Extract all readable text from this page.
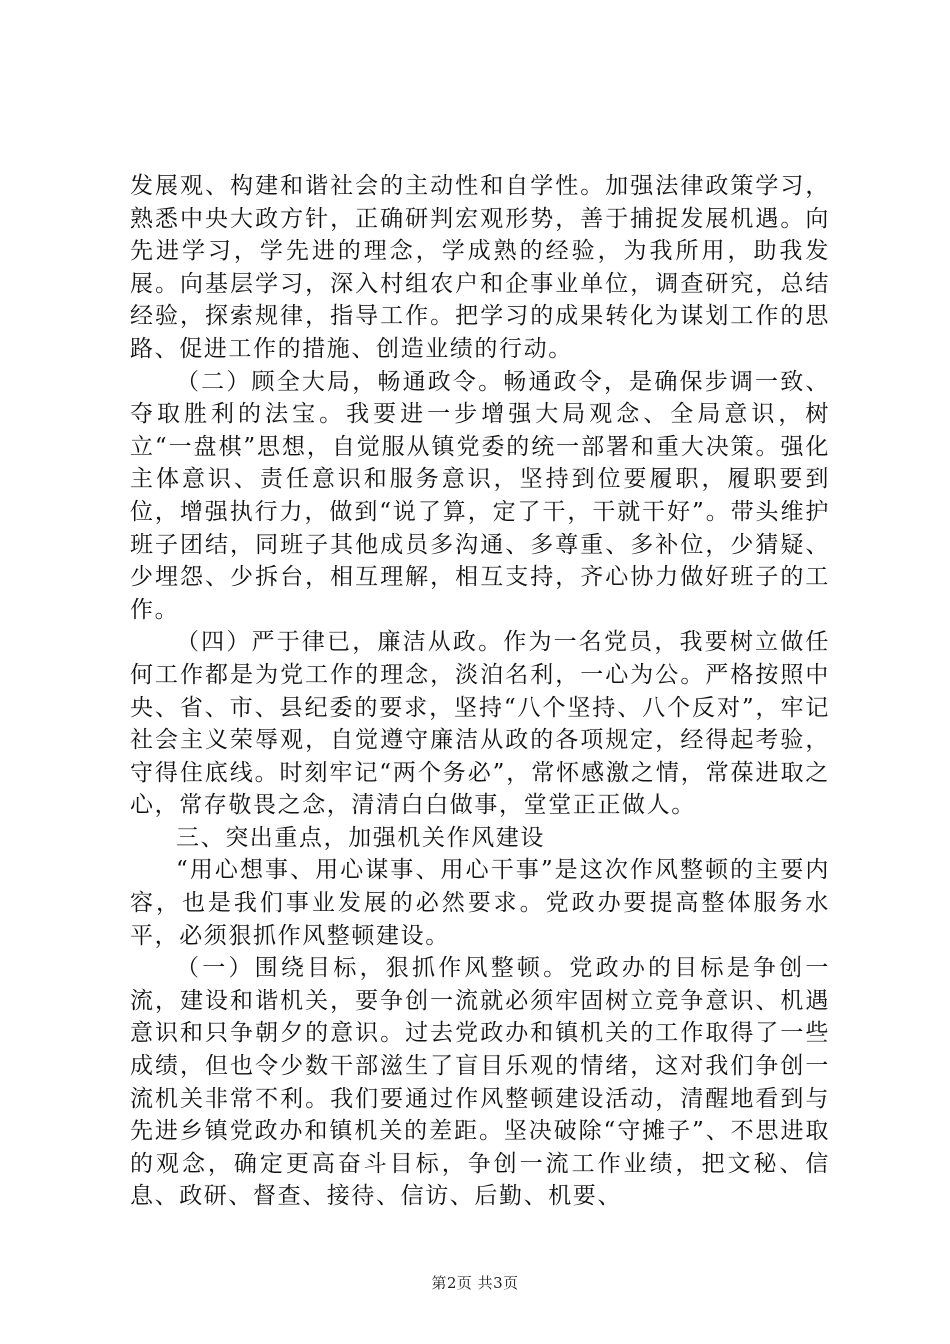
发展观、构建和谐社会的主动性和自学性。加强法律政策学习，熟悉中央大政方针，正确研判宏观形势，善于捕捉发展机遇。向先进学习，学先进的理念，学成熟的经验，为我所用，助我发展。向基层学习，深入村组农户和企事业单位，调查研究，总结经验，探索规律，指导工作。把学习的成果转化为谋划工作的思路、促进工作的措施、创造业绩的行动。

（二）顾全大局，畅通政令。畅通政令，是确保步调一致、夺取胜利的法宝。我要进一步增强大局观念、全局意识，树立“一盘棋”思想，自觉服从镇党委的统一部署和重大决策。强化主体意识、责任意识和服务意识，坚持到位要履职，履职要到位，增强执行力，做到“说了算，定了干，干就干好”。带头维护班子团结，同班子其他成员多沟通、多尊重、多补位，少猜疑、少埋怨、少拆台，相互理解，相互支持，齐心协力做好班子的工作。

（四）严于律已，廉洁从政。作为一名党员，我要树立做任何工作都是为党工作的理念，淡泊名利，一心为公。严格按照中央、省、市、县纪委的要求，坚持“八个坚持、八个反对”，牢记社会主义荣辱观，自觉遵守廉洁从政的各项规定，经得起考验，守得住底线。时刻牢记“两个务必”，常怀感激之情，常葆进取之心，常存敬畏之念，清清白白做事，堂堂正正做人。

三、突出重点，加强机关作风建设

“用心想事、用心谋事、用心干事”是这次作风整顿的主要内容，也是我们事业发展的必然要求。党政办要提高整体服务水平，必须狠抓作风整顿建设。

（一）围绕目标，狠抓作风整顿。党政办的目标是争创一流，建设和谐机关，要争创一流就必须牢固树立竞争意识、机遇意识和只争朝夕的意识。过去党政办和镇机关的工作取得了一些成绩，但也令少数干部滋生了盲目乐观的情绪，这对我们争创一流机关非常不利。我们要通过作风整顿建设活动，清醒地看到与先进乡镇党政办和镇机关的差距。坚决破除“守摊子”、不思进取的观念，确定更高奋斗目标，争创一流工作业绩，把文秘、信息、政研、督查、接待、信访、后勤、机要、

第2页 共3页
